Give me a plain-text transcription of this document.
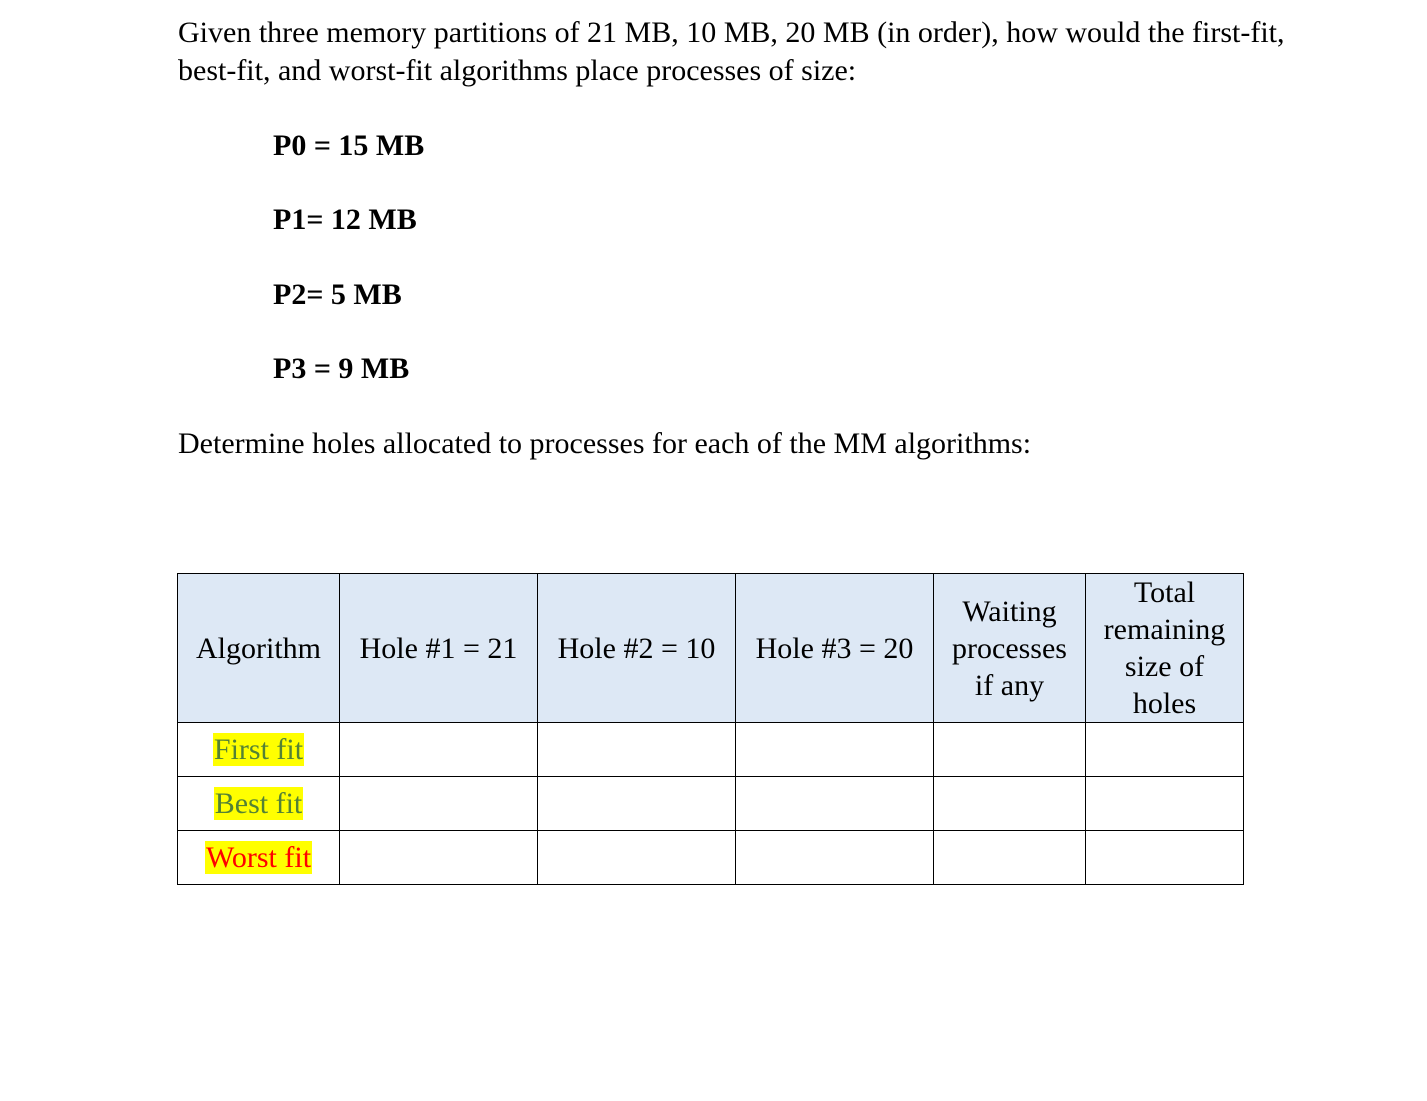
Given three memory partitions of 21 MB, 10 MB, 20 MB (in order), how would the first-fit, best-fit, and worst-fit algorithms place processes of size:
P0 = 15 MB
P1= 12 MB
P2= 5 MB
P3 = 9 MB
Determine holes allocated to processes for each of the MM algorithms:
Algorithm	Hole #1 = 21	Hole #2 = 10	Hole #3 = 20	Waiting processes if any	Total remaining size of holes
First fit					
Best fit					
Worst fit					
